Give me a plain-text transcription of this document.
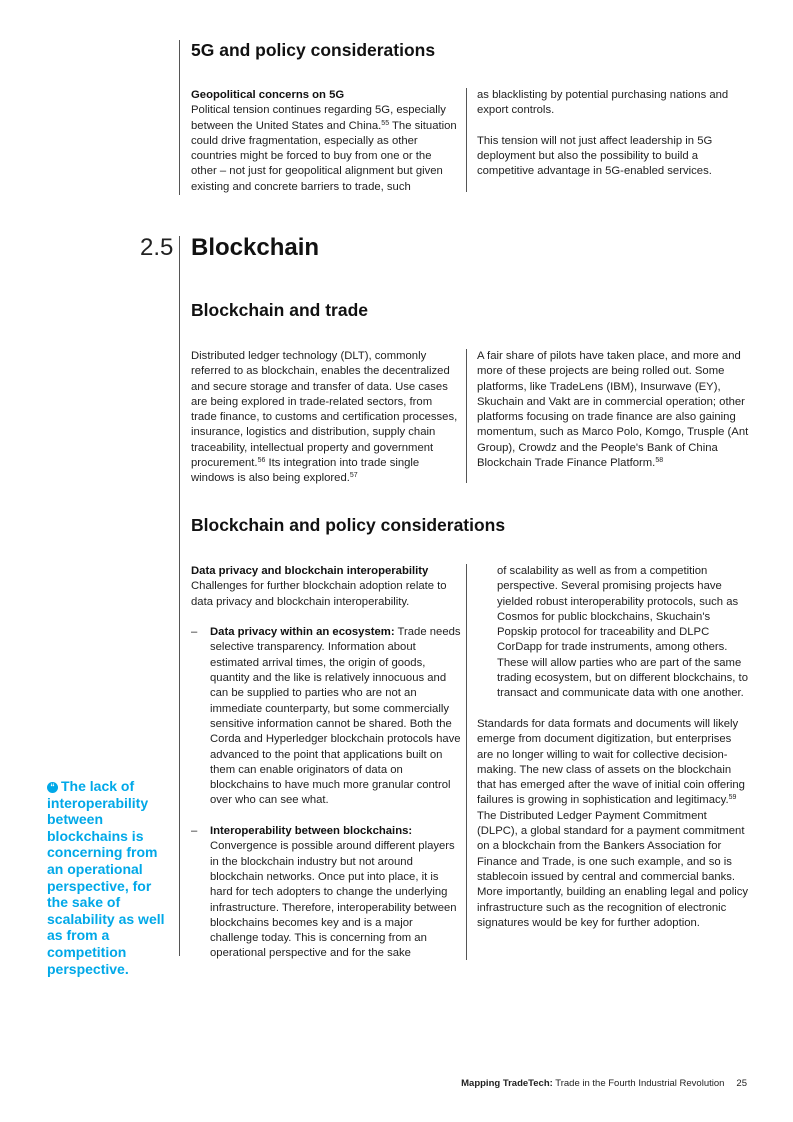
5G and policy considerations

Geopolitical concerns on 5G

Political tension continues regarding 5G, especially between the United States and China.$^{55}$ The situation could drive fragmentation, especially as other countries might be forced to buy from one or the other – not just for geopolitical alignment but given existing and concrete barriers to trade, such

as blacklisting by potential purchasing nations and export controls.

This tension will not just affect leadership in 5G deployment but also the possibility to build a competitive advantage in 5G-enabled services.

2.5 Blockchain
Blockchain and trade

Distributed ledger technology (DLT), commonly referred to as blockchain, enables the decentralized and secure storage and transfer of data. Use cases are being explored in trade-related sectors, from trade finance, to customs and certification processes, insurance, logistics and distribution, supply chain traceability, intellectual property and government procurement.$^{56}$ Its integration into trade single windows is also being explored.$^{57}$

A fair share of pilots have taken place, and more and more of these projects are being rolled out. Some platforms, like TradeLens (IBM), Insurwave (EY), Skuchain and Vakt are in commercial operation; other platforms focusing on trade finance are also gaining momentum, such as Marco Polo, Komgo, Trusple (Ant Group), Crowdz and the People's Bank of China Blockchain Trade Finance Platform.$^{58}$

Blockchain and policy considerations

Data privacy and blockchain interoperability

Challenges for further blockchain adoption relate to data privacy and blockchain interoperability.

– Data privacy within an ecosystem: Trade needs selective transparency. Information about estimated arrival times, the origin of goods, quantity and the like is relatively innocuous and can be supplied to parties who are not an immediate counterparty, but some commercially sensitive information cannot be shared. Both the Corda and Hyperledger blockchain protocols have advanced to the point that applications built on them can enable originators of data on blockchains to have much more granular control over who can see what.

– Interoperability between blockchains:
Convergence is possible around different players in the blockchain industry but not around blockchain networks. Once put into place, it is hard for tech adopters to change the underlying infrastructure. Therefore, interoperability between blockchains becomes key and is a major challenge today. This is concerning from an operational perspective and for the sake

of scalability as well as from a competition perspective. Several promising projects have yielded robust interoperability protocols, such as Cosmos for public blockchains, Skuchain's Popskip protocol for traceability and DLPC CorDapp for trade instruments, among others. These will allow parties who are part of the same trading ecosystem, but on different blockchains, to transact and communicate data with one another.

Standards for data formats and documents will likely emerge from document digitization, but enterprises are no longer willing to wait for collective decision-making. The new class of assets on the blockchain that has emerged after the wave of initial coin offering failures is growing in sophistication and legitimacy.$^{59}$ The Distributed Ledger Payment Commitment (DLPC), a global standard for a payment commitment on a blockchain from the Bankers Association for Finance and Trade, is one such example, and so is stablecoin issued by central and commercial banks. More importantly, building an enabling legal and policy infrastructure such as the recognition of electronic signatures would be key for further adoption.

“ The lack of interoperability between blockchains is concerning from an operational perspective, for the sake of scalability as well as from a competition perspective.
Mapping TradeTech: Trade in the Fourth Industrial Revolution 25
